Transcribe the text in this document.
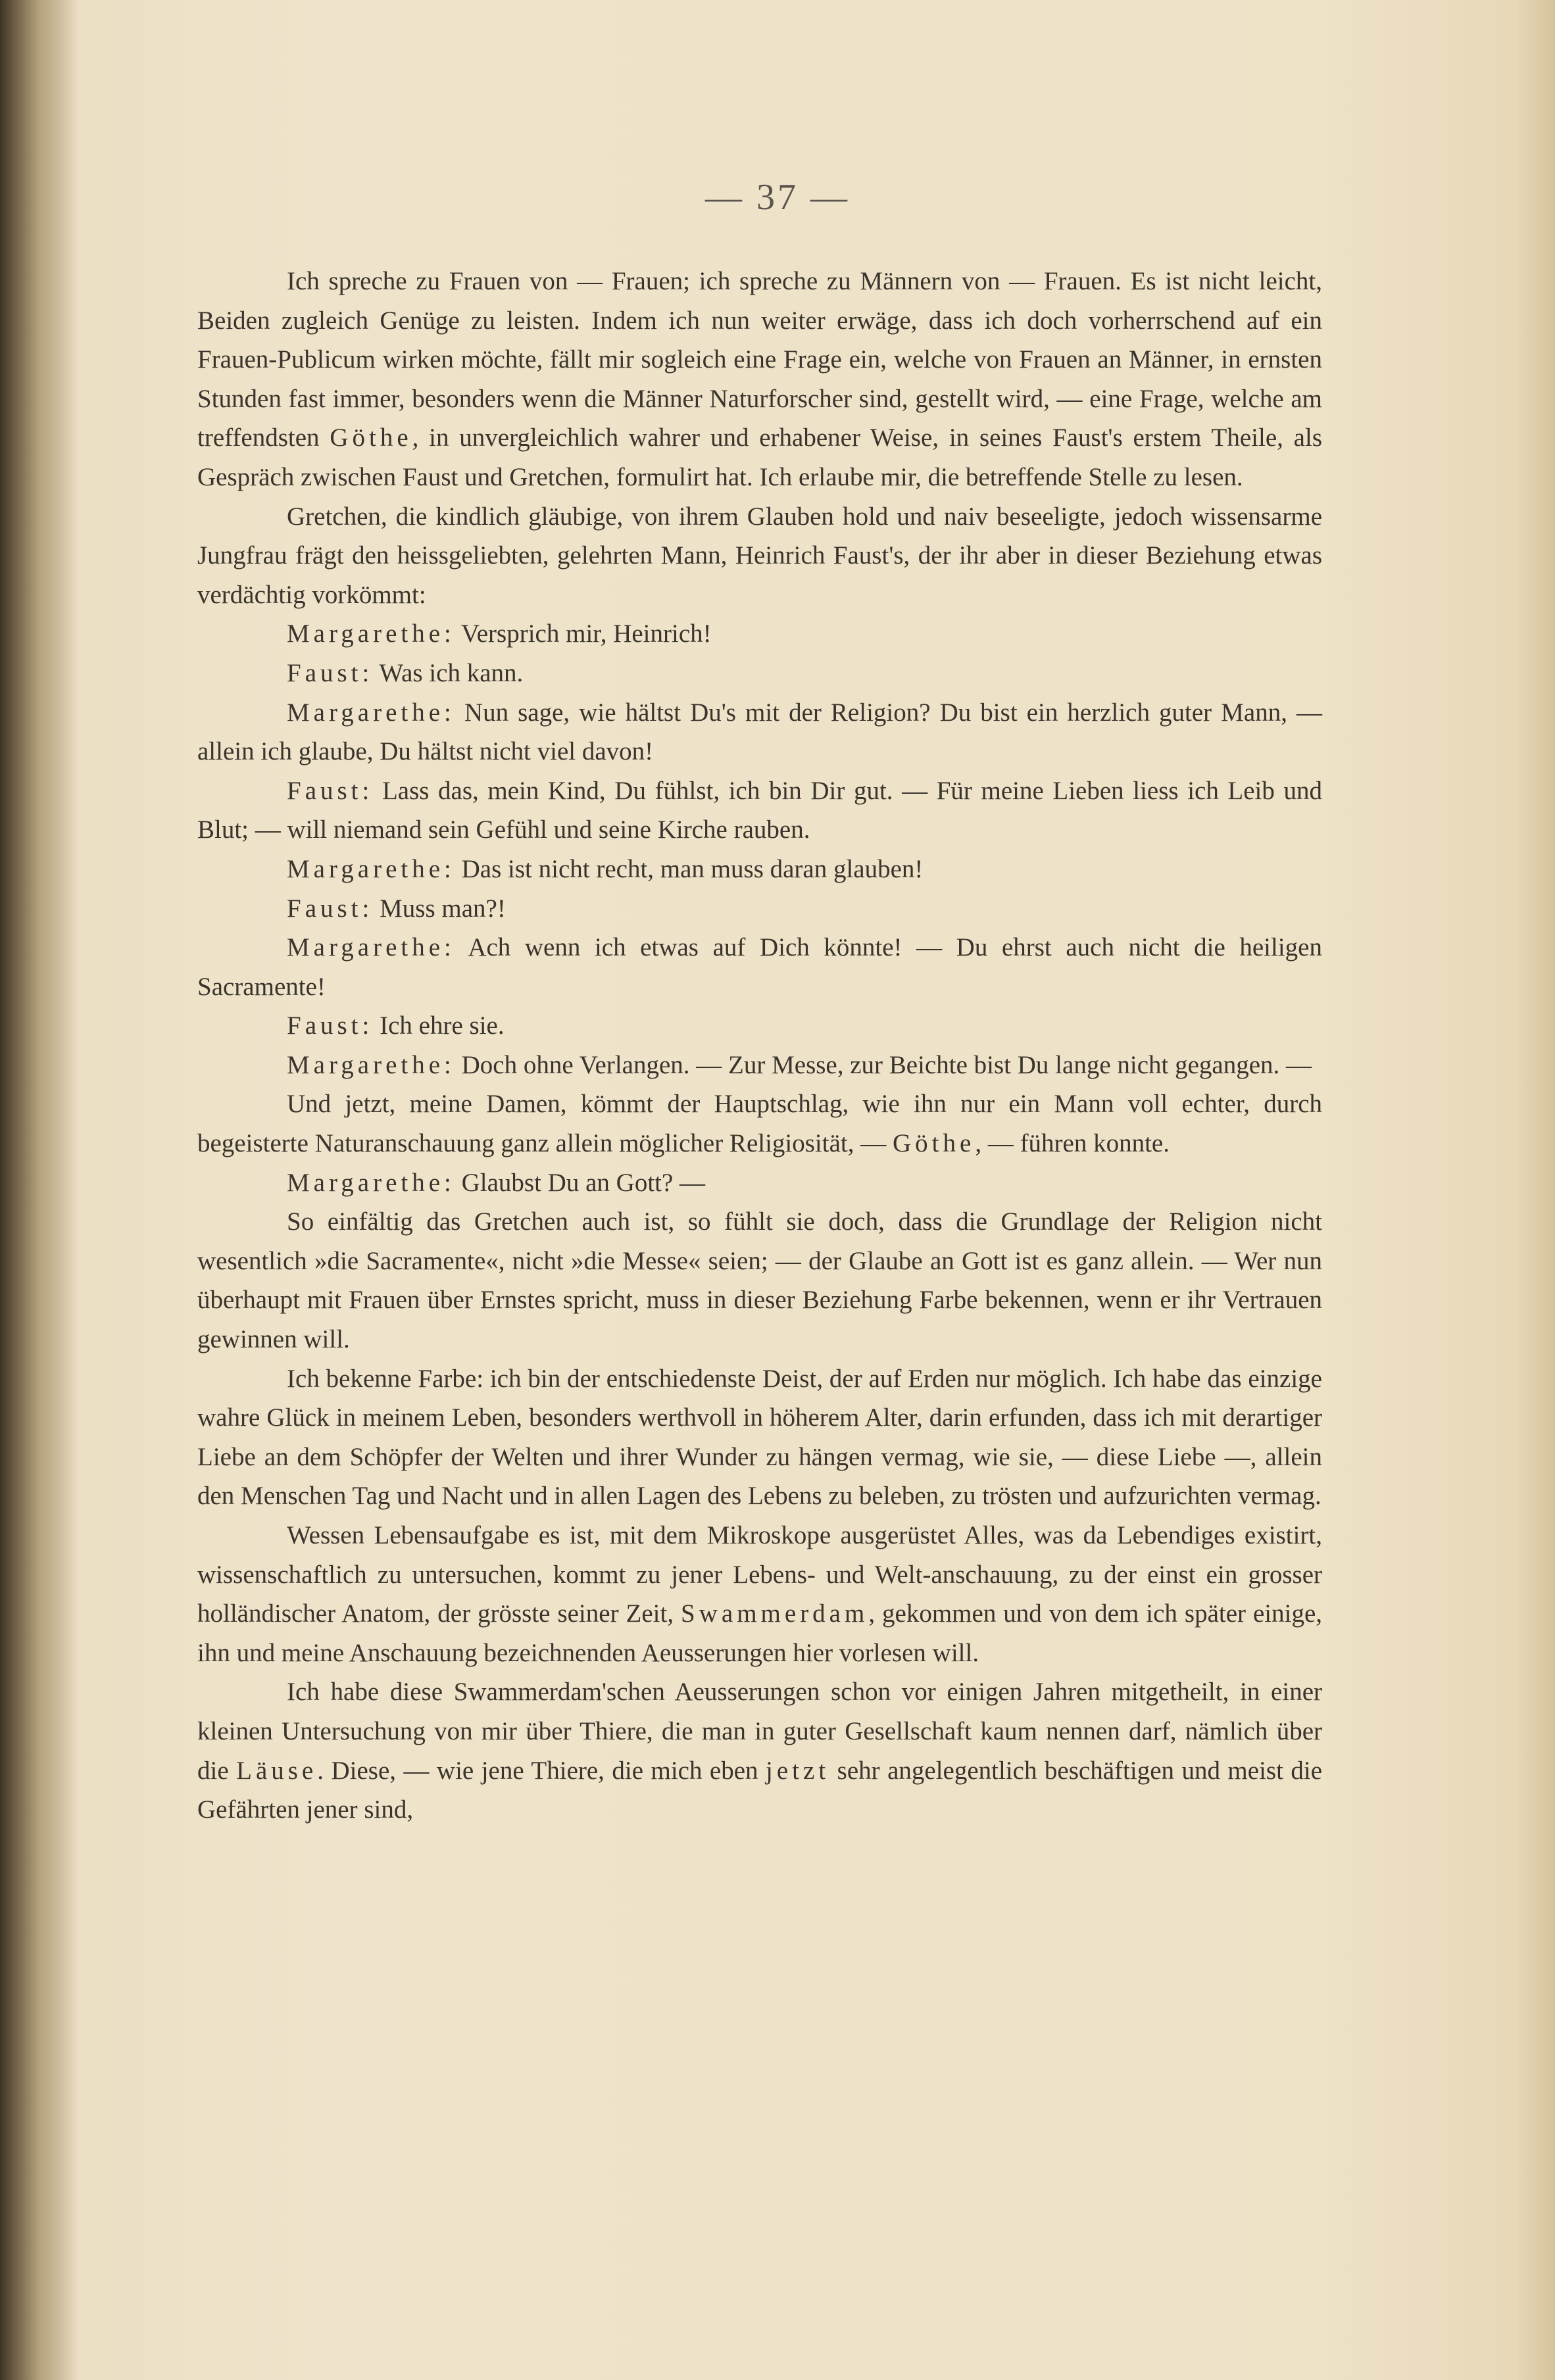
— 37 —

Ich spreche zu Frauen von — Frauen; ich spreche zu Männern von — Frauen. Es ist nicht leicht, Beiden zugleich Genüge zu leisten. Indem ich nun weiter erwäge, dass ich doch vorherrschend auf ein Frauen-Publicum wirken möchte, fällt mir sogleich eine Frage ein, welche von Frauen an Männer, in ernsten Stunden fast immer, besonders wenn die Männer Naturforscher sind, gestellt wird, — eine Frage, welche am treffendsten Göthe, in unvergleichlich wahrer und erhabener Weise, in seines Faust's erstem Theile, als Gespräch zwischen Faust und Gretchen, formulirt hat. Ich erlaube mir, die betreffende Stelle zu lesen.

Gretchen, die kindlich gläubige, von ihrem Glauben hold und naiv beseeligte, jedoch wissensarme Jungfrau frägt den heissgeliebten, gelehrten Mann, Heinrich Faust's, der ihr aber in dieser Beziehung etwas verdächtig vorkömmt:

Margarethe: Versprich mir, Heinrich!

Faust: Was ich kann.

Margarethe: Nun sage, wie hältst Du's mit der Religion? Du bist ein herzlich guter Mann, — allein ich glaube, Du hältst nicht viel davon!

Faust: Lass das, mein Kind, Du fühlst, ich bin Dir gut. — Für meine Lieben liess ich Leib und Blut; — will niemand sein Gefühl und seine Kirche rauben.

Margarethe: Das ist nicht recht, man muss daran glauben!

Faust: Muss man?!

Margarethe: Ach wenn ich etwas auf Dich könnte! — Du ehrst auch nicht die heiligen Sacramente!

Faust: Ich ehre sie.

Margarethe: Doch ohne Verlangen. — Zur Messe, zur Beichte bist Du lange nicht gegangen. —

Und jetzt, meine Damen, kömmt der Hauptschlag, wie ihn nur ein Mann voll echter, durch begeisterte Naturanschauung ganz allein möglicher Religiosität, — Göthe, — führen konnte.

Margarethe: Glaubst Du an Gott? —

So einfältig das Gretchen auch ist, so fühlt sie doch, dass die Grundlage der Religion nicht wesentlich »die Sacramente«, nicht »die Messe« seien; — der Glaube an Gott ist es ganz allein. — Wer nun überhaupt mit Frauen über Ernstes spricht, muss in dieser Beziehung Farbe bekennen, wenn er ihr Vertrauen gewinnen will.

Ich bekenne Farbe: ich bin der entschiedenste Deist, der auf Erden nur möglich. Ich habe das einzige wahre Glück in meinem Leben, besonders werthvoll in höherem Alter, darin erfunden, dass ich mit derartiger Liebe an dem Schöpfer der Welten und ihrer Wunder zu hängen vermag, wie sie, — diese Liebe —, allein den Menschen Tag und Nacht und in allen Lagen des Lebens zu beleben, zu trösten und aufzurichten vermag.

Wessen Lebensaufgabe es ist, mit dem Mikroskope ausgerüstet Alles, was da Lebendiges existirt, wissenschaftlich zu untersuchen, kommt zu jener Lebens- und Welt-anschauung, zu der einst ein grosser holländischer Anatom, der grösste seiner Zeit, Swammerdam, gekommen und von dem ich später einige, ihn und meine Anschauung bezeichnenden Aeusserungen hier vorlesen will.

Ich habe diese Swammerdam'schen Aeusserungen schon vor einigen Jahren mitgetheilt, in einer kleinen Untersuchung von mir über Thiere, die man in guter Gesellschaft kaum nennen darf, nämlich über die Läuse. Diese, — wie jene Thiere, die mich eben jetzt sehr angelegentlich beschäftigen und meist die Gefährten jener sind,
